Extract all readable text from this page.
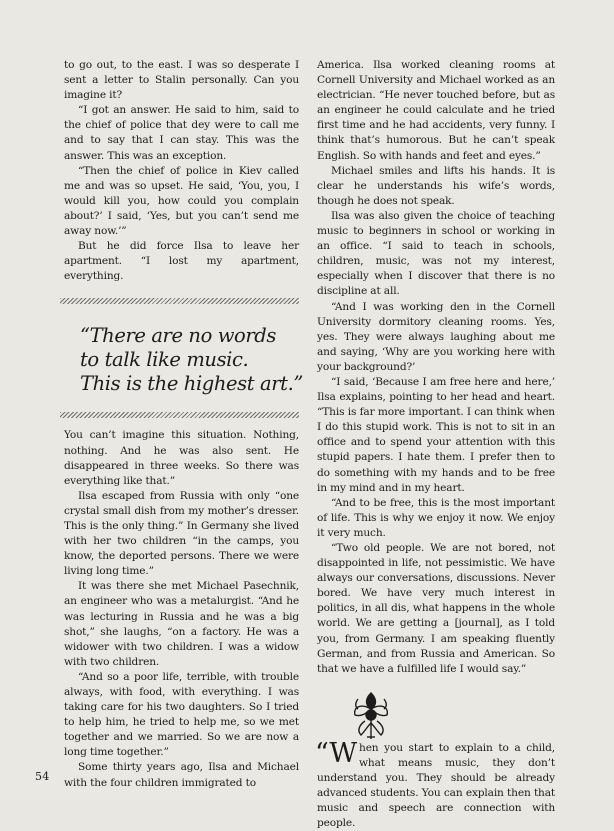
to go out, to the east. I was so desperate I sent a letter to Stalin personally. Can you imagine it?

“I got an answer. He said to him, said to the chief of police that dey were to call me and to say that I can stay. This was the answer. This was an exception.

“Then the chief of police in Kiev called me and was so upset. He said, ‘You, you, I would kill you, how could you complain about?’ I said, ‘Yes, but you can’t send me away now.’”

But he did force Ilsa to leave her apartment. “I lost my apartment, everything.

“There are no words
to talk like music.
This is the highest art.”

You can’t imagine this situation. Nothing, nothing. And he was also sent. He disappeared in three weeks. So there was everything like that.”

Ilsa escaped from Russia with only “one crystal small dish from my mother’s dresser. This is the only thing.” In Germany she lived with her two children “in the camps, you know, the deported persons. There we were living long time.”

It was there she met Michael Pasechnik, an engineer who was a metalurgist. “And he was lecturing in Russia and he was a big shot,” she laughs, “on a factory. He was a widower with two children. I was a widow with two children.

“And so a poor life, terrible, with trouble always, with food, with everything. I was taking care for his two daughters. So I tried to help him, he tried to help me, so we met together and we married. So we are now a long time together.”

Some thirty years ago, Ilsa and Michael with the four children immigrated to

America. Ilsa worked cleaning rooms at Cornell University and Michael worked as an electrician. “He never touched before, but as an engineer he could calculate and he tried first time and he had accidents, very funny. I think that’s humorous. But he can’t speak English. So with hands and feet and eyes.”

Michael smiles and lifts his hands. It is clear he understands his wife’s words, though he does not speak.

Ilsa was also given the choice of teaching music to beginners in school or working in an office. “I said to teach in schools, children, music, was not my interest, especially when I discover that there is no discipline at all.

“And I was working den in the Cornell University dormitory cleaning rooms. Yes, yes. They were always laughing about me and saying, ‘Why are you working here with your background?’

“I said, ‘Because I am free here and here,’ Ilsa explains, pointing to her head and heart. “This is far more important. I can think when I do this stupid work. This is not to sit in an office and to spend your attention with this stupid papers. I hate them. I prefer then to do something with my hands and to be free in my mind and in my heart.

“And to be free, this is the most important of life. This is why we enjoy it now. We enjoy it very much.

“Two old people. We are not bored, not disappointed in life, not pessimistic. We have always our conversations, discussions. Never bored. We have very much interest in politics, in all dis, what happens in the whole world. We are getting a [journal], as I told you, from Germany. I am speaking fluently German, and from Russia and American. So that we have a fulfilled life I would say.”

“When you start to explain to a child, what means music, they don’t understand you. They should be already advanced students. You can explain then that music and speech are connection with people.

54
